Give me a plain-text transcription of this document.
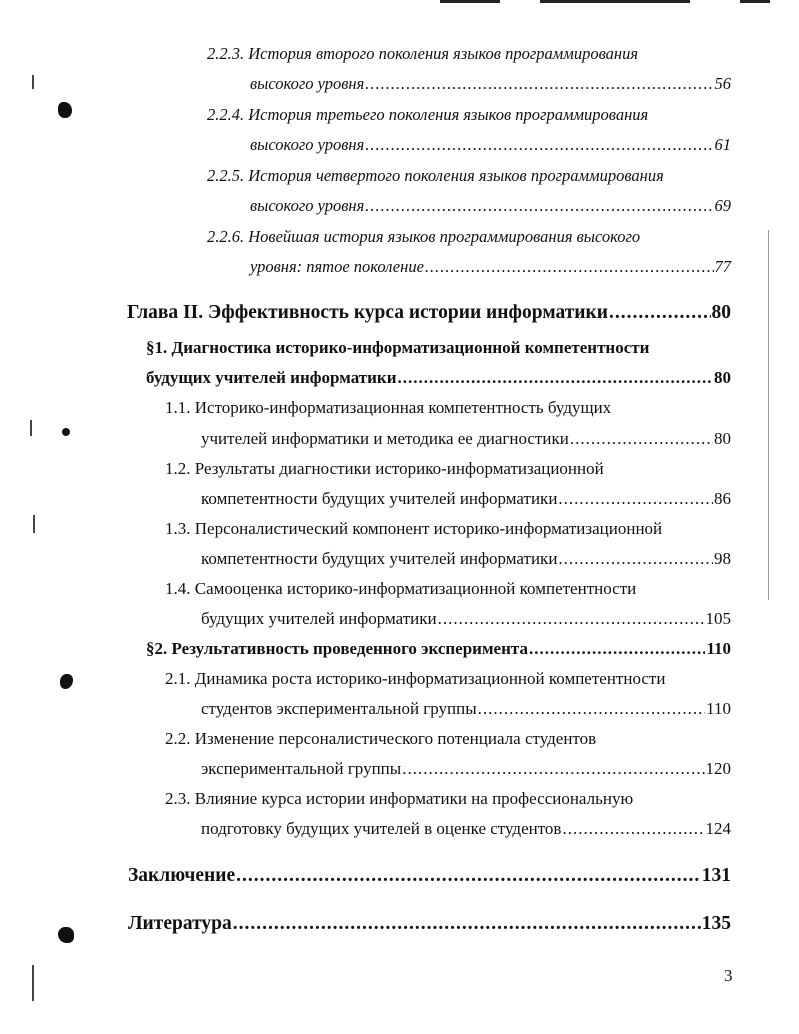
2.2.3. История второго поколения языков программирования
высокого уровня .....	56
2.2.4. История третьего поколения языков программирования
высокого уровня .....	61
2.2.5. История четвертого поколения языков программирования
высокого уровня .....	69
2.2.6. Новейшая история языков программирования высокого
уровня: пятое поколение .....	77
Глава II. Эффективность курса истории информатики .....	80
§1. Диагностика историко-информатизационной компетентности
будущих учителей информатики .....	80
1.1. Историко-информатизационная компетентность будущих
учителей информатики и методика ее диагностики .....	80
1.2. Результаты диагностики историко-информатизационной
компетентности будущих учителей информатики .....	86
1.3. Персоналистический компонент историко-информатизационной
компетентности будущих учителей информатики .....	98
1.4. Самооценка историко-информатизационной компетентности
будущих учителей информатики .....	105
§2. Результативность проведенного эксперимента .....	110
2.1. Динамика роста историко-информатизационной компетентности
студентов экспериментальной группы .....	110
2.2. Изменение персоналистического потенциала студентов
экспериментальной группы .....	120
2.3. Влияние курса истории информатики на профессиональную
подготовку будущих учителей в оценке студентов .....	124
Заключение .....	131
Литература .....	135
3
